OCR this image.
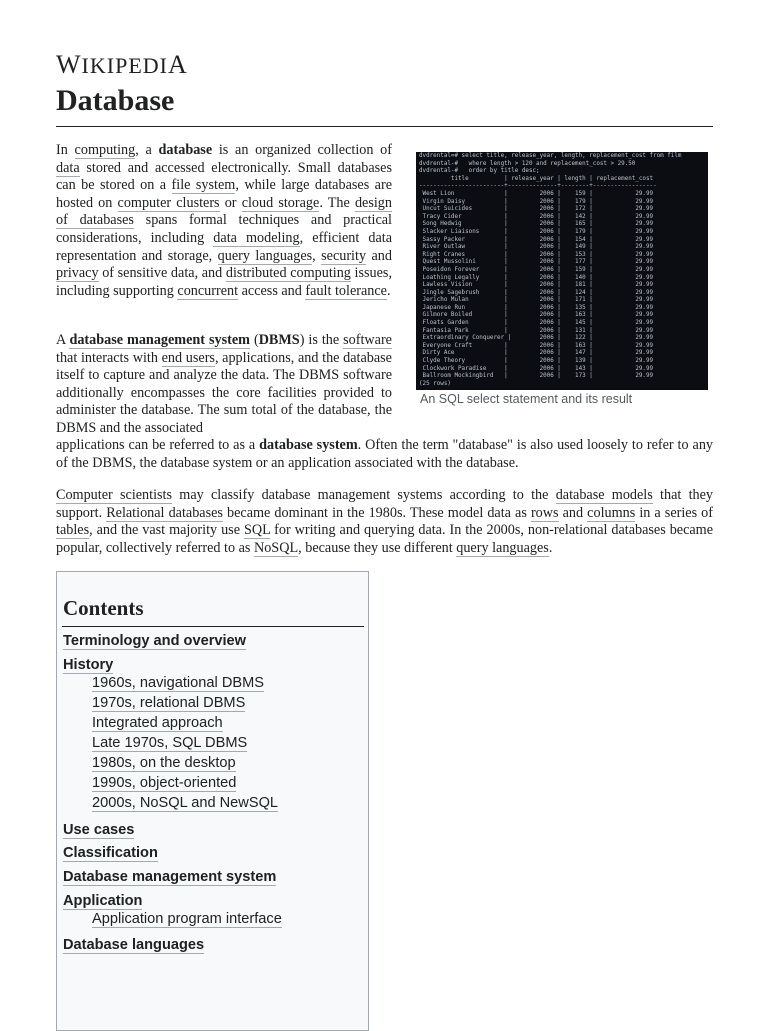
WIKIPEDIA
Database

In computing, a database is an organized collection of data stored and accessed electronically. Small databases can be stored on a file system, while large databases are hosted on computer clusters or cloud storage. The design of databases spans formal techniques and practical considerations, including data modeling, efficient data representation and storage, query languages, security and privacy of sensitive data, and distributed computing issues, including supporting concurrent access and fault tolerance.

A database management system (DBMS) is the software that interacts with end users, applications, and the database itself to capture and analyze the data. The DBMS software additionally encompasses the core facilities provided to administer the database. The sum total of the database, the DBMS and the associated

applications can be referred to as a database system. Often the term "database" is also used loosely to refer to any of the DBMS, the database system or an application associated with the database.

dvdrental=# select title, release_year, length, replacement_cost from film
dvdrental-#   where length > 120 and replacement_cost > 29.50
dvdrental-#   order by title desc;
title          | release_year | length | replacement_cost
------------------------+--------------+--------+------------------
West Lion              |         2006 |    159 |            29.99
Virgin Daisy           |         2006 |    179 |            29.99
Uncut Suicides         |         2006 |    172 |            29.99
Tracy Cider            |         2006 |    142 |            29.99
Song Hedwig            |         2006 |    165 |            29.99
Slacker Liaisons       |         2006 |    179 |            29.99
Sassy Packer           |         2006 |    154 |            29.99
River Outlaw           |         2006 |    149 |            29.99
Right Cranes           |         2006 |    153 |            29.99
Quest Mussolini        |         2006 |    177 |            29.99
Poseidon Forever       |         2006 |    159 |            29.99
Loathing Legally       |         2006 |    140 |            29.99
Lawless Vision         |         2006 |    181 |            29.99
Jingle Sagebrush       |         2006 |    124 |            29.99
Jericho Mulan          |         2006 |    171 |            29.99
Japanese Run           |         2006 |    135 |            29.99
Gilmore Boiled         |         2006 |    163 |            29.99
Floats Garden          |         2006 |    145 |            29.99
Fantasia Park          |         2006 |    131 |            29.99
Extraordinary Conquerer |        2006 |    122 |            29.99
Everyone Craft         |         2006 |    163 |            29.99
Dirty Ace              |         2006 |    147 |            29.99
Clyde Theory           |         2006 |    139 |            29.99
Clockwork Paradise     |         2006 |    143 |            29.99
Ballroom Mockingbird   |         2006 |    173 |            29.99
(25 rows)
An SQL select statement and its result

Computer scientists may classify database management systems according to the database models that they support. Relational databases became dominant in the 1980s. These model data as rows and columns in a series of tables, and the vast majority use SQL for writing and querying data. In the 2000s, non-relational databases became popular, collectively referred to as NoSQL, because they use different query languages.

Contents
Terminology and overview
History
1960s, navigational DBMS
1970s, relational DBMS
Integrated approach
Late 1970s, SQL DBMS
1980s, on the desktop
1990s, object-oriented
2000s, NoSQL and NewSQL
Use cases
Classification
Database management system
Application
Application program interface
Database languages
